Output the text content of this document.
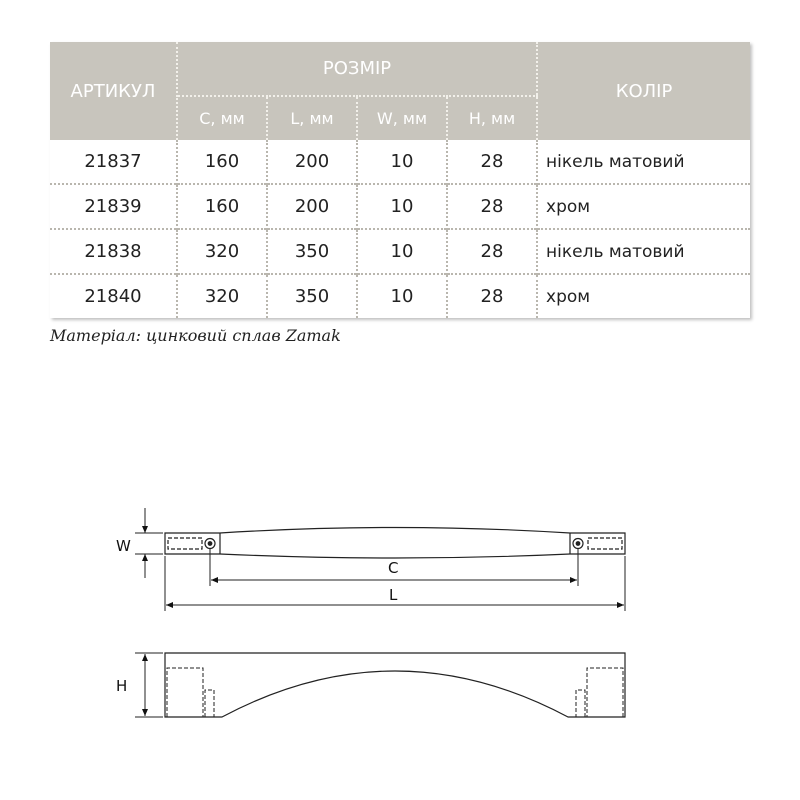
АРТИКУЛ	РОЗМІР				КОЛІР
	C, мм	L, мм	W, мм	H, мм	
21837	160	200	10	28	нікель матовий
21839	160	200	10	28	хром
21838	320	350	10	28	нікель матовий
21840	320	350	10	28	хром
Матеріал: цинковий сплав Zamak
W
C
L
H
